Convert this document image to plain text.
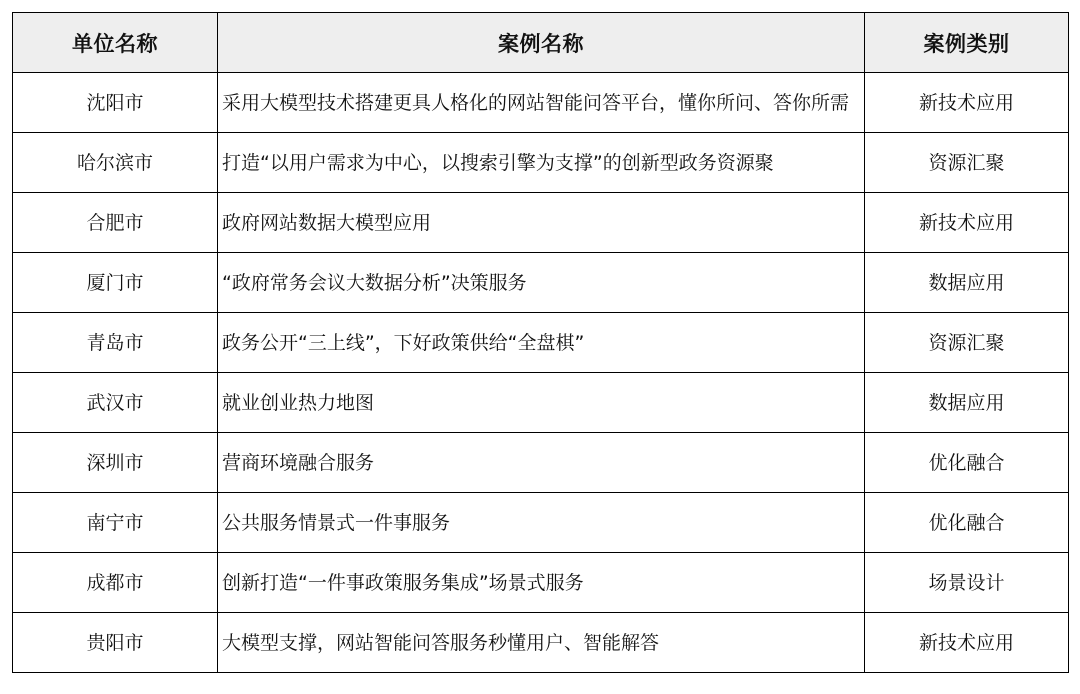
单位名称	案例名称	案例类别
沈阳市	采用大模型技术搭建更具人格化的网站智能问答平台，懂你所问、答你所需	新技术应用
哈尔滨市	打造“以用户需求为中心，以搜索引擎为支撑”的创新型政务资源聚	资源汇聚
合肥市	政府网站数据大模型应用	新技术应用
厦门市	“政府常务会议大数据分析”决策服务	数据应用
青岛市	政务公开“三上线”，下好政策供给“全盘棋”	资源汇聚
武汉市	就业创业热力地图	数据应用
深圳市	营商环境融合服务	优化融合
南宁市	公共服务情景式一件事服务	优化融合
成都市	创新打造“一件事政策服务集成”场景式服务	场景设计
贵阳市	大模型支撑，网站智能问答服务秒懂用户、智能解答	新技术应用
